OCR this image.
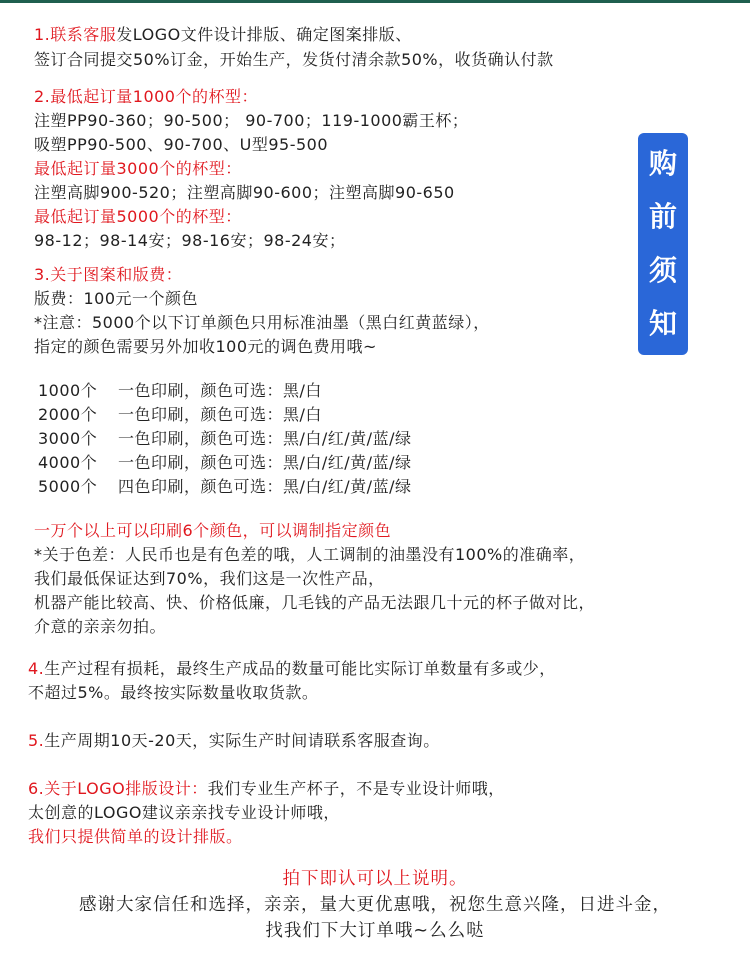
1.联系客服发LOGO文件设计排版、确定图案排版、
签订合同提交50%订金，开始生产，发货付清余款50%，收货确认付款
2.最低起订量1000个的杯型：
注塑PP90-360；90-500； 90-700；119-1000霸王杯；
吸塑PP90-500、90-700、U型95-500
最低起订量3000个的杯型：
注塑高脚900-520；注塑高脚90-600；注塑高脚90-650
最低起订量5000个的杯型：
98-12；98-14安；98-16安；98-24安；
3.关于图案和版费：
版费：100元一个颜色
*注意：5000个以下订单颜色只用标准油墨（黑白红黄蓝绿），
指定的颜色需要另外加收100元的调色费用哦~
1000个 一色印刷，颜色可选：黑/白
2000个 一色印刷，颜色可选：黑/白
3000个 一色印刷，颜色可选：黑/白/红/黄/蓝/绿
4000个 一色印刷，颜色可选：黑/白/红/黄/蓝/绿
5000个 四色印刷，颜色可选：黑/白/红/黄/蓝/绿
一万个以上可以印刷6个颜色，可以调制指定颜色
*关于色差：人民币也是有色差的哦，人工调制的油墨没有100%的准确率，
我们最低保证达到70%，我们这是一次性产品，
机器产能比较高、快、价格低廉，几毛钱的产品无法跟几十元的杯子做对比，
介意的亲亲勿拍。
4.生产过程有损耗，最终生产成品的数量可能比实际订单数量有多或少，
不超过5%。最终按实际数量收取货款。
5.生产周期10天-20天，实际生产时间请联系客服查询。
6.关于LOGO排版设计：我们专业生产杯子，不是专业设计师哦，
太创意的LOGO建议亲亲找专业设计师哦，
我们只提供简单的设计排版。
拍下即认可以上说明。
感谢大家信任和选择，亲亲，量大更优惠哦，祝您生意兴隆，日进斗金，
找我们下大订单哦~么么哒
购
前
须
知
